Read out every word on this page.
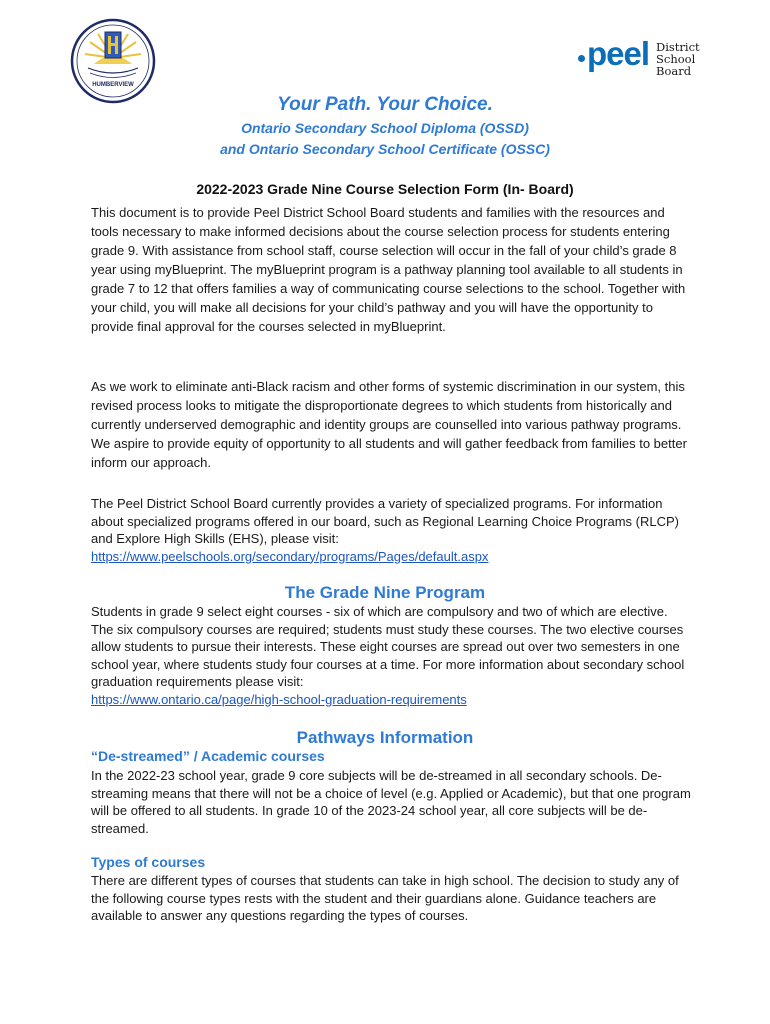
HUMBERVIEW
peel District
School Board
Your Path. Your Choice.
Ontario Secondary School Diploma (OSSD)
and Ontario Secondary School Certificate (OSSC)
2022-2023 Grade Nine Course Selection Form (In- Board)

This document is to provide Peel District School Board students and families with the resources and tools necessary to make informed decisions about the course selection process for students entering grade 9. With assistance from school staff, course selection will occur in the fall of your child’s grade 8 year using myBlueprint. The myBlueprint program is a pathway planning tool available to all students in grade 7 to 12 that offers families a way of communicating course selections to the school. Together with your child, you will make all decisions for your child’s pathway and you will have the opportunity to provide final approval for the courses selected in myBlueprint.

As we work to eliminate anti-Black racism and other forms of systemic discrimination in our system, this revised process looks to mitigate the disproportionate degrees to which students from historically and currently underserved demographic and identity groups are counselled into various pathway programs. We aspire to provide equity of opportunity to all students and will gather feedback from families to better inform our approach.

The Peel District School Board currently provides a variety of specialized programs. For information about specialized programs offered in our board, such as Regional Learning Choice Programs (RLCP) and Explore High Skills (EHS), please visit:
https://www.peelschools.org/secondary/programs/Pages/default.aspx

The Grade Nine Program

Students in grade 9 select eight courses - six of which are compulsory and two of which are elective. The six compulsory courses are required; students must study these courses. The two elective courses allow students to pursue their interests. These eight courses are spread out over two semesters in one school year, where students study four courses at a time. For more information about secondary school graduation requirements please visit:
https://www.ontario.ca/page/high-school-graduation-requirements

Pathways Information
“De-streamed” / Academic courses

In the 2022-23 school year, grade 9 core subjects will be de-streamed in all secondary schools. De-streaming means that there will not be a choice of level (e.g. Applied or Academic), but that one program will be offered to all students. In grade 10 of the 2023-24 school year, all core subjects will be de-streamed.

Types of courses

There are different types of courses that students can take in high school. The decision to study any of the following course types rests with the student and their guardians alone. Guidance teachers are available to answer any questions regarding the types of courses.
